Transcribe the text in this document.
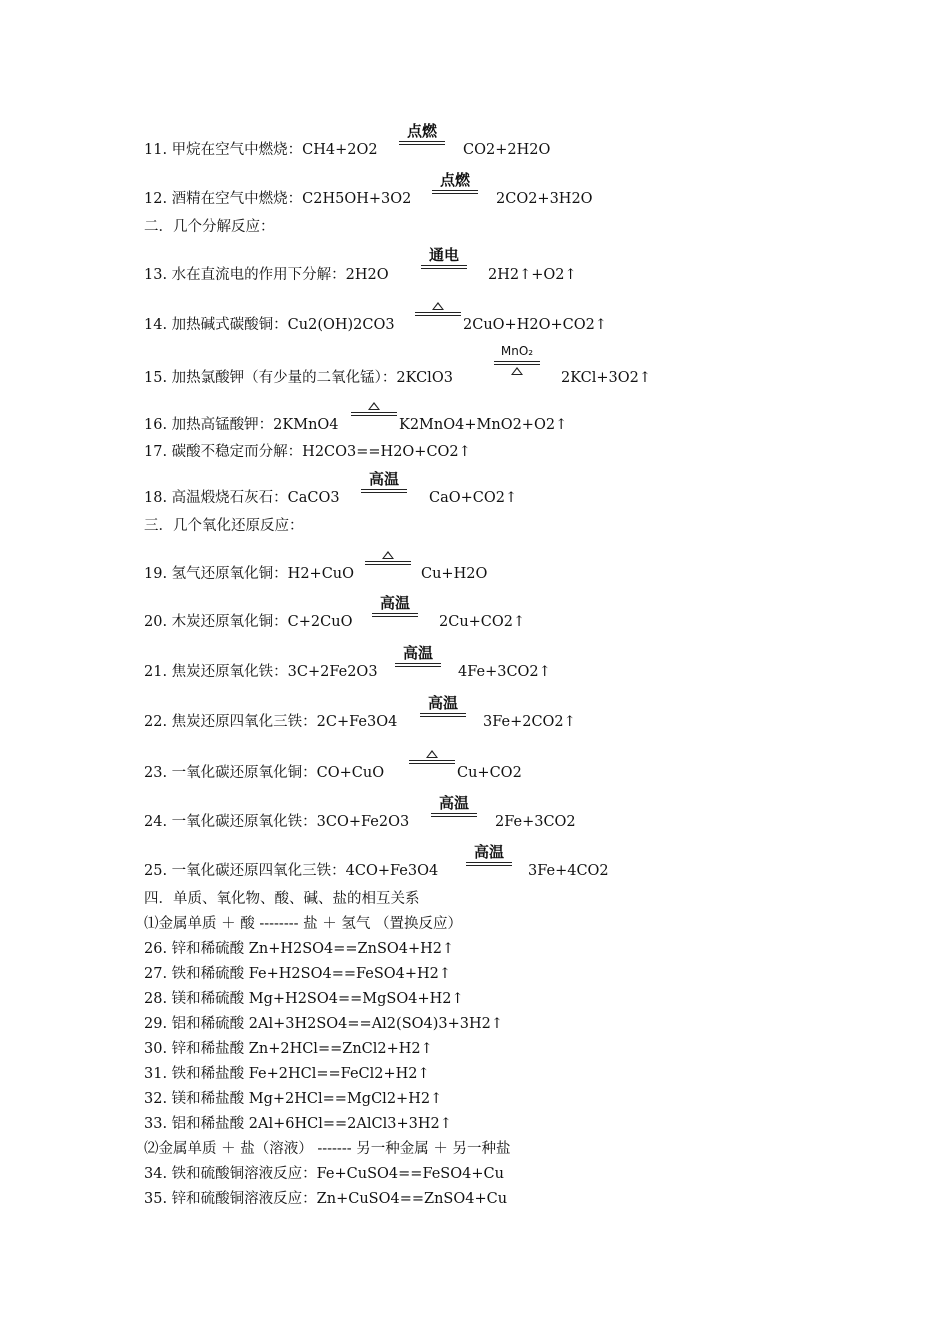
11. 甲烷在空气中燃烧：CH4+2O2
点燃
CO2+2H2O
12. 酒精在空气中燃烧：C2H5OH+3O2
点燃
2CO2+3H2O
二．几个分解反应：
13. 水在直流电的作用下分解：2H2O
通电
2H2↑+O2↑
14. 加热碱式碳酸铜：Cu2(OH)2CO3	2CuO+H2O+CO2↑
15. 加热氯酸钾（有少量的二氧化锰）：2KClO3
MnO₂
2KCl+3O2↑
16. 加热高锰酸钾：2KMnO4	K2MnO4+MnO2+O2↑
17. 碳酸不稳定而分解：H2CO3==H2O+CO2↑
18. 高温煅烧石灰石：CaCO3
高温
CaO+CO2↑
三．几个氧化还原反应：
19. 氢气还原氧化铜：H2+CuO	Cu+H2O
20. 木炭还原氧化铜：C+2CuO
高温
2Cu+CO2↑
21. 焦炭还原氧化铁：3C+2Fe2O3
高温
4Fe+3CO2↑
22. 焦炭还原四氧化三铁：2C+Fe3O4
高温
3Fe+2CO2↑
23. 一氧化碳还原氧化铜：CO+CuO	Cu+CO2
24. 一氧化碳还原氧化铁：3CO+Fe2O3
高温
2Fe+3CO2
25. 一氧化碳还原四氧化三铁：4CO+Fe3O4
高温
3Fe+4CO2
四．单质、氧化物、酸、碱、盐的相互关系
⑴金属单质 ＋ 酸 -------- 盐 ＋ 氢气 （置换反应）
26. 锌和稀硫酸 Zn+H2SO4==ZnSO4+H2↑
27. 铁和稀硫酸 Fe+H2SO4==FeSO4+H2↑
28. 镁和稀硫酸 Mg+H2SO4==MgSO4+H2↑
29. 铝和稀硫酸 2Al+3H2SO4==Al2(SO4)3+3H2↑
30. 锌和稀盐酸 Zn+2HCl==ZnCl2+H2↑
31. 铁和稀盐酸 Fe+2HCl==FeCl2+H2↑
32. 镁和稀盐酸 Mg+2HCl==MgCl2+H2↑
33. 铝和稀盐酸 2Al+6HCl==2AlCl3+3H2↑
⑵金属单质 ＋ 盐（溶液） ------- 另一种金属 ＋ 另一种盐
34. 铁和硫酸铜溶液反应：Fe+CuSO4==FeSO4+Cu
35. 锌和硫酸铜溶液反应：Zn+CuSO4==ZnSO4+Cu
